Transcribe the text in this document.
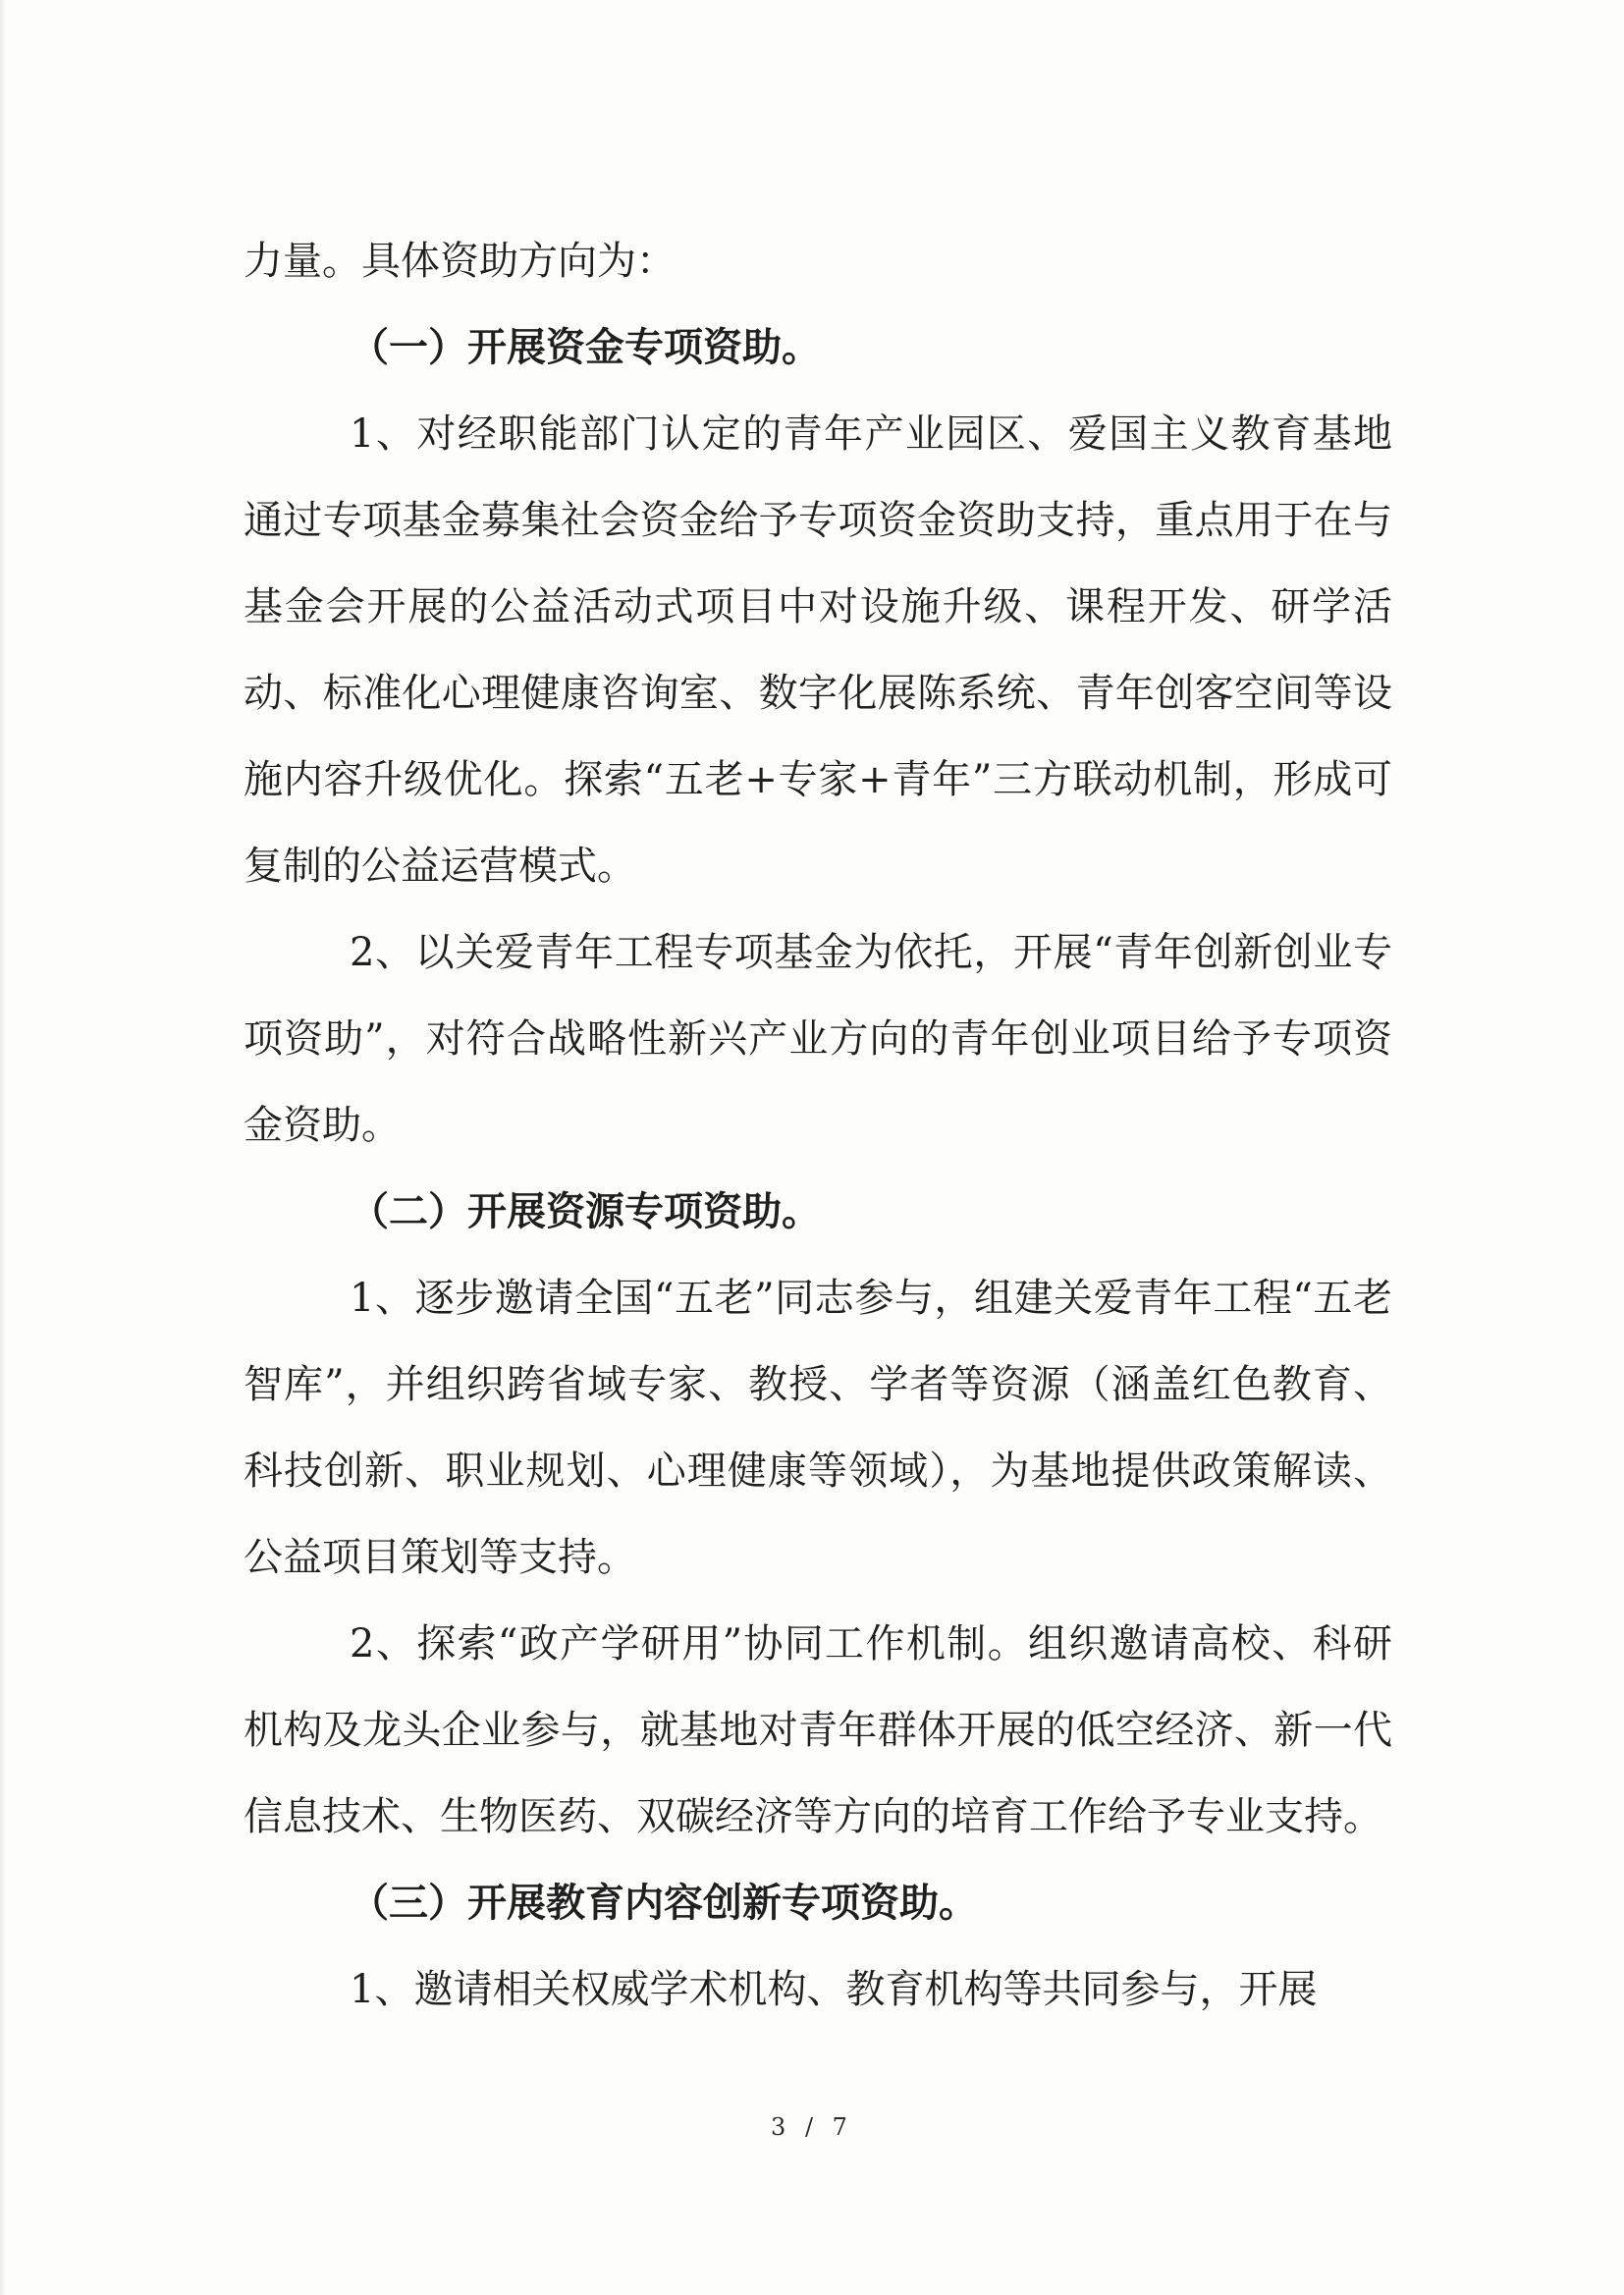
力量。具体资助方向为：

（一）开展资金专项资助。

1、对经职能部门认定的青年产业园区、爱国主义教育基地通过专项基金募集社会资金给予专项资金资助支持，重点用于在与基金会开展的公益活动式项目中对设施升级、课程开发、研学活动、标准化心理健康咨询室、数字化展陈系统、青年创客空间等设施内容升级优化。探索“五老+专家+青年”三方联动机制，形成可复制的公益运营模式。

2、以关爱青年工程专项基金为依托，开展“青年创新创业专项资助”，对符合战略性新兴产业方向的青年创业项目给予专项资金资助。

（二）开展资源专项资助。

1、逐步邀请全国“五老”同志参与，组建关爱青年工程“五老智库”，并组织跨省域专家、教授、学者等资源（涵盖红色教育、科技创新、职业规划、心理健康等领域），为基地提供政策解读、公益项目策划等支持。

2、探索“政产学研用”协同工作机制。组织邀请高校、科研机构及龙头企业参与，就基地对青年群体开展的低空经济、新一代信息技术、生物医药、双碳经济等方向的培育工作给予专业支持。

（三）开展教育内容创新专项资助。

1、邀请相关权威学术机构、教育机构等共同参与，开展

3 / 7
